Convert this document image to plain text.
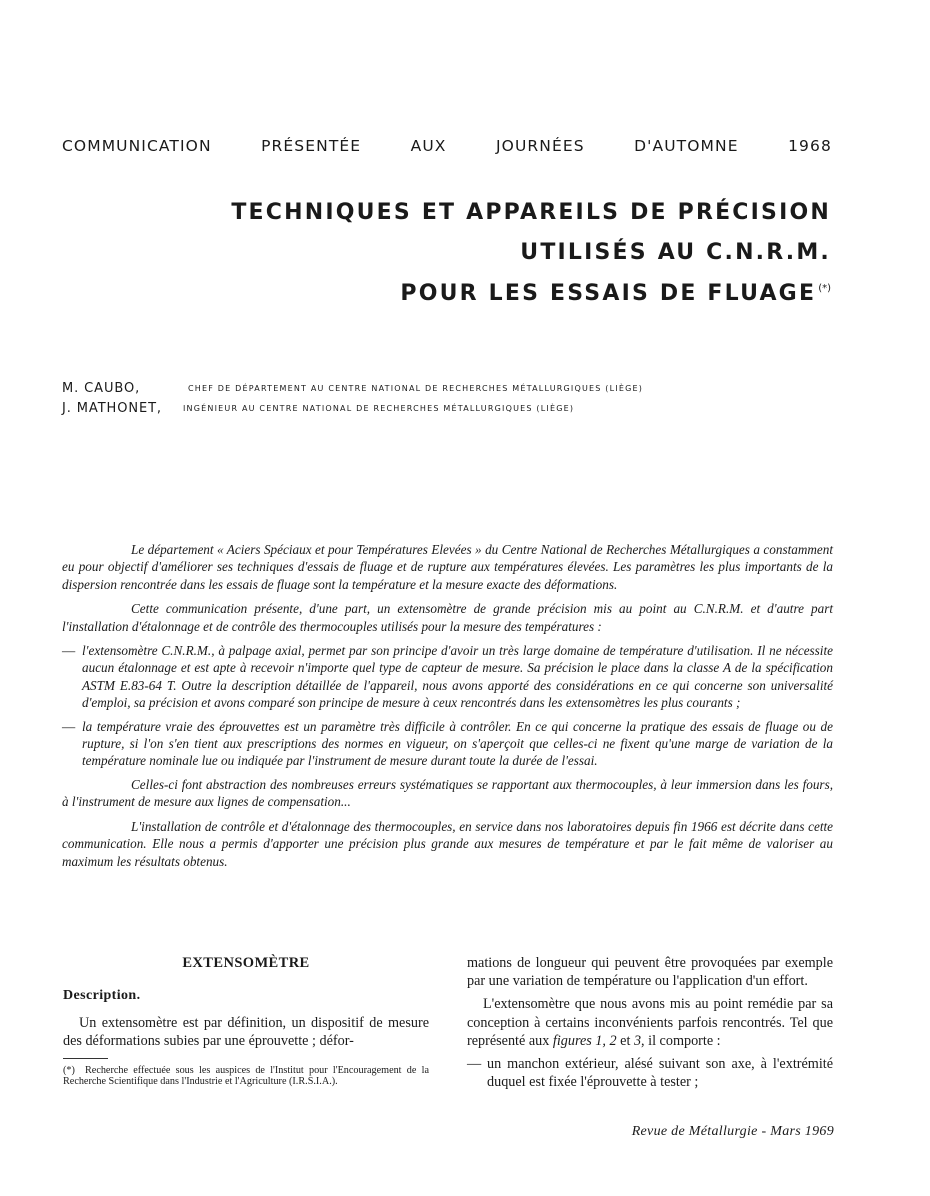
COMMUNICATION	PRÉSENTÉE	AUX	JOURNÉES	D'AUTOMNE	1968
TECHNIQUES ET APPAREILS DE PRÉCISION
UTILISÉS AU C.N.R.M.
POUR LES ESSAIS DE FLUAGE (*)
M. CAUBO,	CHEF DE DÉPARTEMENT AU CENTRE NATIONAL DE RECHERCHES MÉTALLURGIQUES (LIÈGE)
J. MATHONET,	INGÉNIEUR AU CENTRE NATIONAL DE RECHERCHES MÉTALLURGIQUES (LIÈGE)

Le département « Aciers Spéciaux et pour Températures Elevées » du Centre National de Recherches Métallurgiques a constamment eu pour objectif d'améliorer ses techniques d'essais de fluage et de rupture aux températures élevées. Les paramètres les plus importants de la dispersion rencontrée dans les essais de fluage sont la température et la mesure exacte des déformations.

Cette communication présente, d'une part, un extensomètre de grande précision mis au point au C.N.R.M. et d'autre part l'installation d'étalonnage et de contrôle des thermocouples utilisés pour la mesure des températures :

— l'extensomètre C.N.R.M., à palpage axial, permet par son principe d'avoir un très large domaine de température d'utilisation. Il ne nécessite aucun étalonnage et est apte à recevoir n'importe quel type de capteur de mesure. Sa précision le place dans la classe A de la spécification ASTM E.83-64 T. Outre la description détaillée de l'appareil, nous avons apporté des considérations en ce qui concerne son universalité d'emploi, sa précision et avons comparé son principe de mesure à ceux rencontrés dans les extensomètres les plus courants ;

— la température vraie des éprouvettes est un paramètre très difficile à contrôler. En ce qui concerne la pratique des essais de fluage ou de rupture, si l'on s'en tient aux prescriptions des normes en vigueur, on s'aperçoit que celles-ci ne fixent qu'une marge de variation de la température nominale lue ou indiquée par l'instrument de mesure durant toute la durée de l'essai.

Celles-ci font abstraction des nombreuses erreurs systématiques se rapportant aux thermocouples, à leur immersion dans les fours, à l'instrument de mesure aux lignes de compensation...

L'installation de contrôle et d'étalonnage des thermocouples, en service dans nos laboratoires depuis fin 1966 est décrite dans cette communication. Elle nous a permis d'apporter une précision plus grande aux mesures de température et par le fait même de valoriser au maximum les résultats obtenus.

EXTENSOMÈTRE
Description.

Un extensomètre est par définition, un dispositif de mesure des déformations subies par une éprouvette ; défor-

(*) Recherche effectuée sous les auspices de l'Institut pour l'Encouragement de la Recherche Scientifique dans l'Industrie et l'Agriculture (I.R.S.I.A.).

mations de longueur qui peuvent être provoquées par exemple par une variation de température ou l'application d'un effort.

L'extensomètre que nous avons mis au point remédie par sa conception à certains inconvénients parfois rencontrés. Tel que représenté aux figures 1, 2 et 3, il comporte :

— un manchon extérieur, alésé suivant son axe, à l'extrémité duquel est fixée l'éprouvette à tester ;

Revue de Métallurgie - Mars 1969
